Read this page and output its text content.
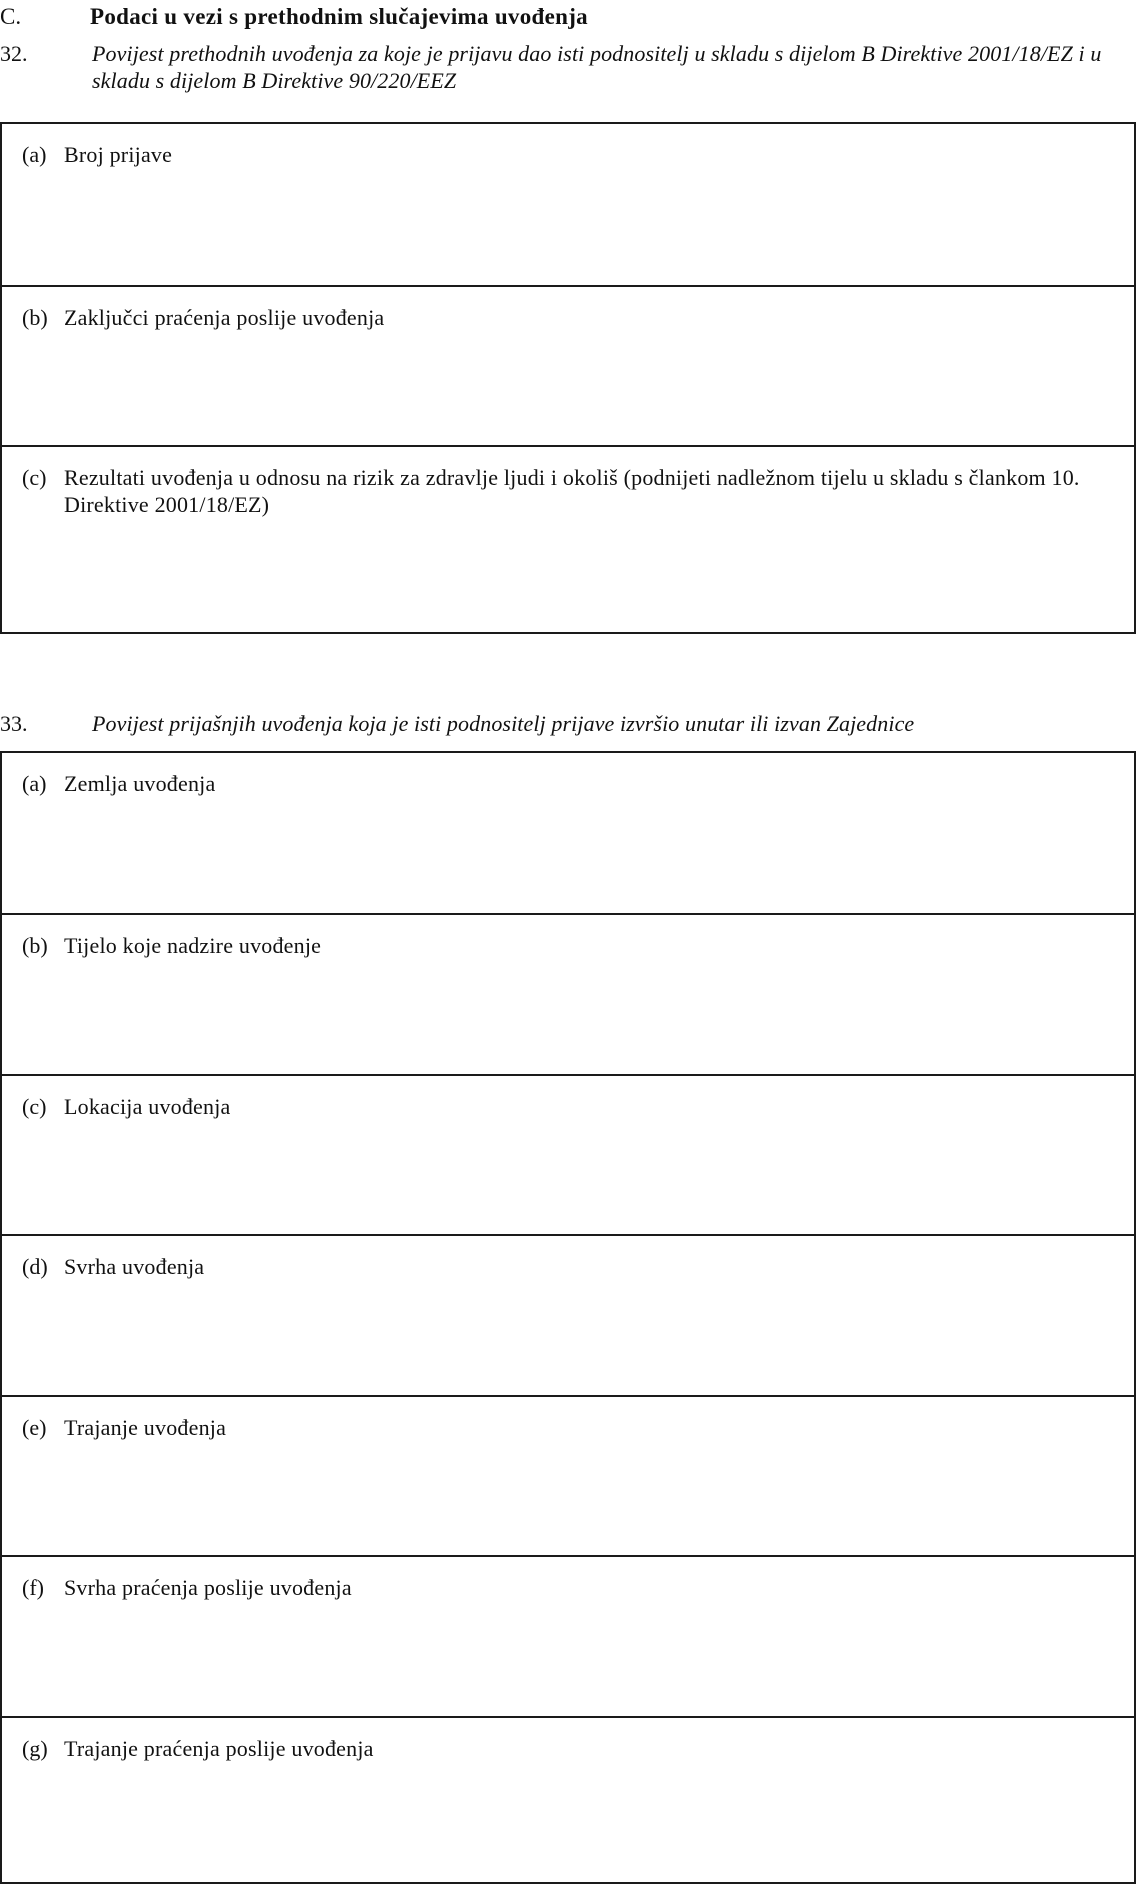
C.	Podaci u vezi s prethodnim slučajevima uvođenja
32.	Povijest prethodnih uvođenja za koje je prijavu dao isti podnositelj u skladu s dijelom B Direktive 2001/18/EZ i u skladu s dijelom B Direktive 90/220/EEZ
(a) Broj prijave
(b) Zaključci praćenja poslije uvođenja
(c) Rezultati uvođenja u odnosu na rizik za zdravlje ljudi i okoliš (podnijeti nadležnom tijelu u skladu s člankom 10. Direktive 2001/18/EZ)
33.	Povijest prijašnjih uvođenja koja je isti podnositelj prijave izvršio unutar ili izvan Zajednice
(a) Zemlja uvođenja
(b) Tijelo koje nadzire uvođenje
(c) Lokacija uvođenja
(d) Svrha uvođenja
(e) Trajanje uvođenja
(f) Svrha praćenja poslije uvođenja
(g) Trajanje praćenja poslije uvođenja
